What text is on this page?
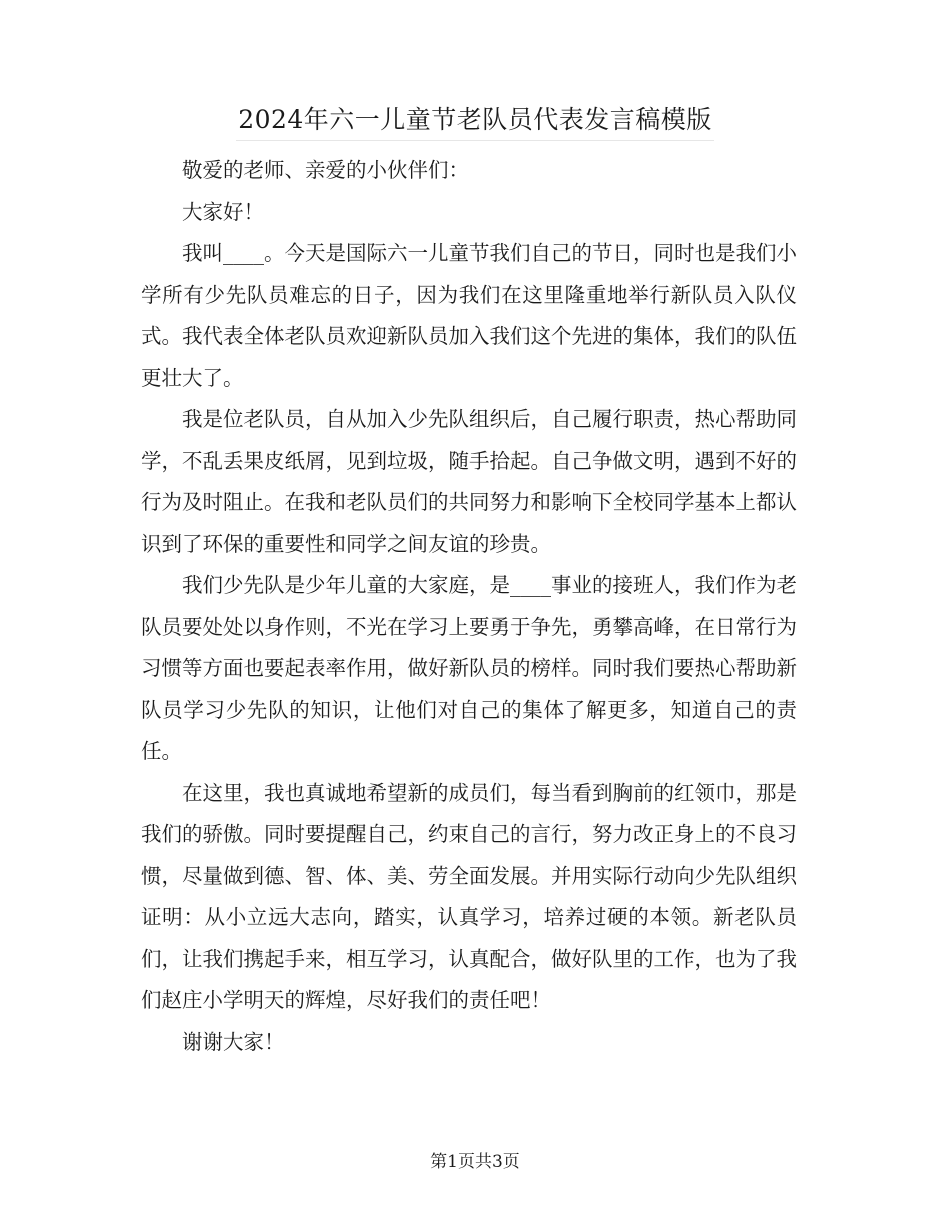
2024年六一儿童节老队员代表发言稿模版

敬爱的老师、亲爱的小伙伴们：

大家好！

我叫____。今天是国际六一儿童节我们自己的节日，同时也是我们小学所有少先队员难忘的日子，因为我们在这里隆重地举行新队员入队仪式。我代表全体老队员欢迎新队员加入我们这个先进的集体，我们的队伍更壮大了。

我是位老队员，自从加入少先队组织后，自己履行职责，热心帮助同学，不乱丢果皮纸屑，见到垃圾，随手拾起。自己争做文明，遇到不好的行为及时阻止。在我和老队员们的共同努力和影响下全校同学基本上都认识到了环保的重要性和同学之间友谊的珍贵。

我们少先队是少年儿童的大家庭，是____事业的接班人，我们作为老队员要处处以身作则，不光在学习上要勇于争先，勇攀高峰，在日常行为习惯等方面也要起表率作用，做好新队员的榜样。同时我们要热心帮助新队员学习少先队的知识，让他们对自己的集体了解更多，知道自己的责任。

在这里，我也真诚地希望新的成员们，每当看到胸前的红领巾，那是我们的骄傲。同时要提醒自己，约束自己的言行，努力改正身上的不良习惯，尽量做到德、智、体、美、劳全面发展。并用实际行动向少先队组织证明：从小立远大志向，踏实，认真学习，培养过硬的本领。新老队员们，让我们携起手来，相互学习，认真配合，做好队里的工作，也为了我们赵庄小学明天的辉煌，尽好我们的责任吧！

谢谢大家！

第1页共3页
